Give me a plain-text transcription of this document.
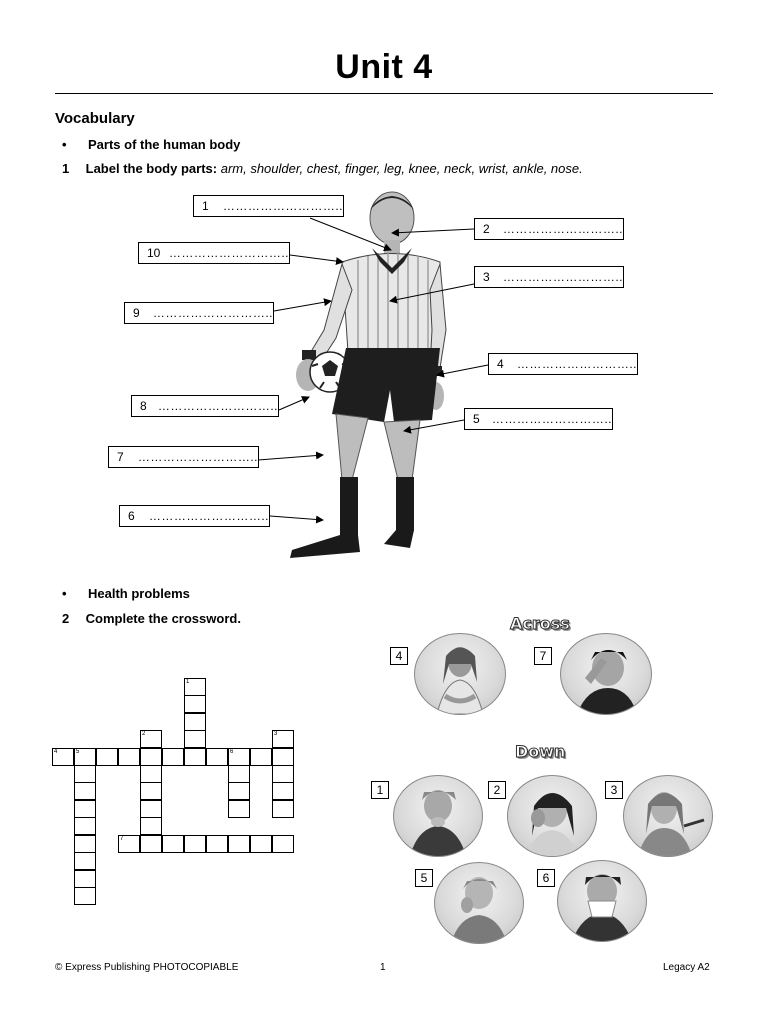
Unit 4
Vocabulary
• Parts of the human body
1 Label the body parts: arm, shoulder, chest, finger, leg, knee, neck, wrist, ankle, nose.
1	………………………..
2	………………………..
3	………………………..
4	………………………..
5	………………………..
6	………………………..
7	………………………..
8 ………………………..
9	………………………..
10 ………………………..
• Health problems
2 Complete the crossword.
4	5
1
2	3
7
6
Across
Down
4	7
1	2	3
5	6
© Express Publishing PHOTOCOPIABLE	1	Legacy A2
